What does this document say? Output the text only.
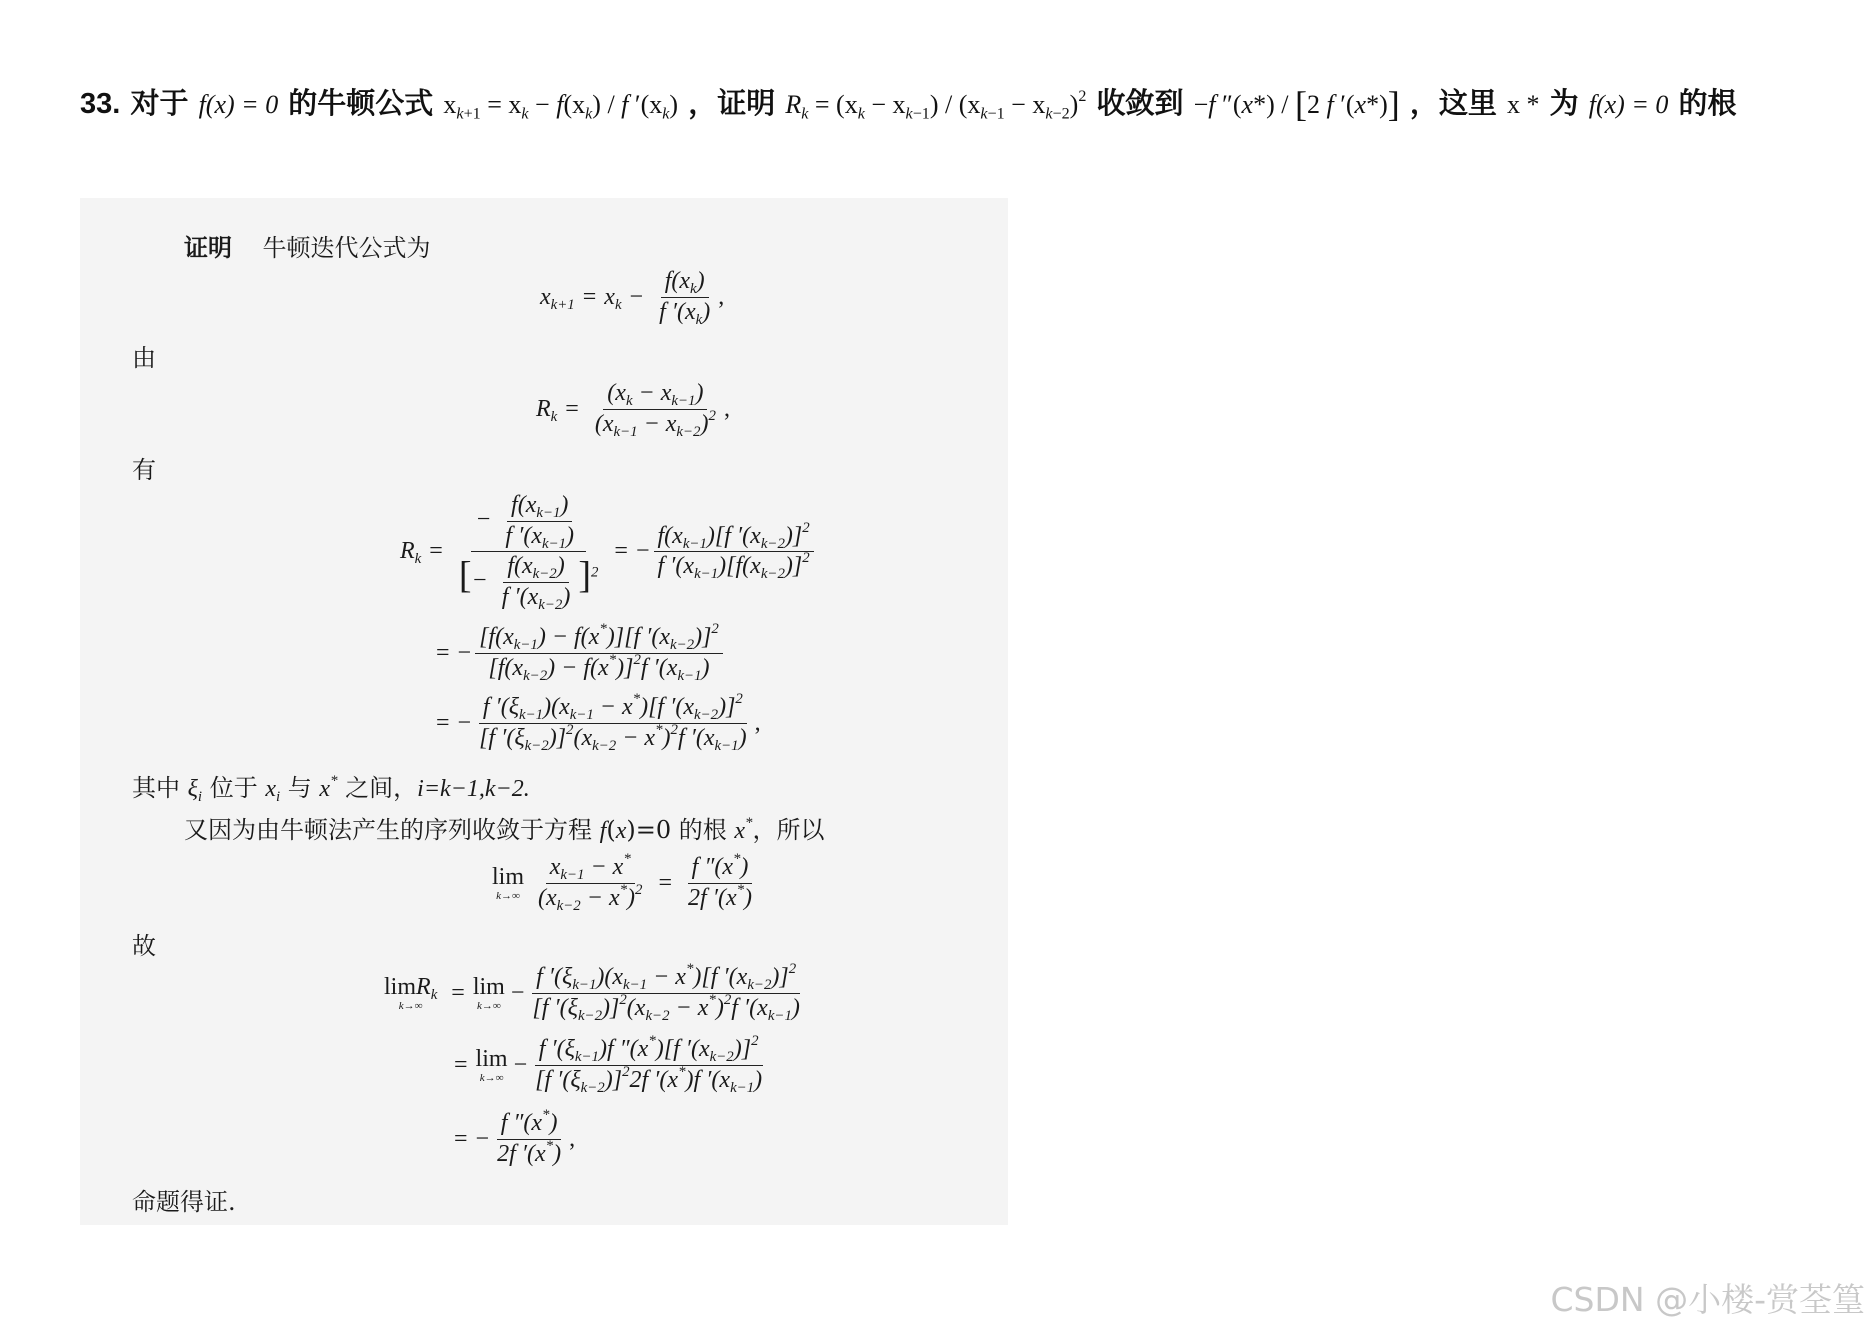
33. 对于 f(x) = 0 的牛顿公式 $x_{k+1} = x_k - f(x_k) / f$ $'(x_k)$ ，证明 $R_k = (x_k - x_{k-1}) / (x_{k-1} - x_{k-2})^2$ 收敛到 −f ″(x*) / [2 f ′(x*)] ，这里 x * 为 f(x) = 0 的根
证明 牛顿迭代公式为
$x_{k+1} = x_k - \frac{f(x_k)}{f '(x_k)}$ ,
由
$R_k = \frac{(x_k - x_{k-1})}{(x_{k-1} - x_{k-2})^2}$ ,
有
$R_k = \frac{- \frac{f(x_{k-1})}{f '(x_{k-1})}}{[- \frac{f(x_{k-2})}{f '(x_{k-2})} ]^2}$ = − $\frac{f(x_{k-1})[f '(x_{k-2})]^2}{f '(x_{k-1})[f(x_{k-2})]^2}$
= − $\frac{[f(x_{k-1}) - f(x^*)][f '(x_{k-2})]^2}{[f(x_{k-2}) - f(x^*)]^2f '(x_{k-1})}$
= − $\frac{f '(\xi_{k-1})(x_{k-1} - x^*)[f '(x_{k-2})]^2}{[f '(\xi_{k-2})]^2(x_{k-2} - x^*)^2f '(x_{k-1})}$ ,
其中 $\xi_i$ 位于 $x_i$ 与 x* 之间，i=k−1,k−2.
又因为由牛顿法产生的序列收敛于方程 f(x)=0 的根 x*，所以
lim
$k\to\infty \frac{x_{k-1} - x^*}{(x_{k-2} - x^*)^2} = \frac{f ''(x^*)}{2f '(x^*)}$
故
limR$_k$
k→∞
= lim
k→∞
− $\frac{f '(\xi_{k-1})(x_{k-1} - x^*)[f '(x_{k-2})]^2}{[f '(\xi_{k-2})]^2(x_{k-2} - x^*)^2f '(x_{k-1})}$
= lim
k→∞
− $\frac{f '(\xi_{k-1})f ''(x^*)[f '(x_{k-2})]^2}{[f '(\xi_{k-2})]^22f '(x^*)f '(x_{k-1})}$
= − $\frac{f ''(x^*)}{2f '(x^*)}$ ,
命题得证.
CSDN @小楼-赏荃篁
